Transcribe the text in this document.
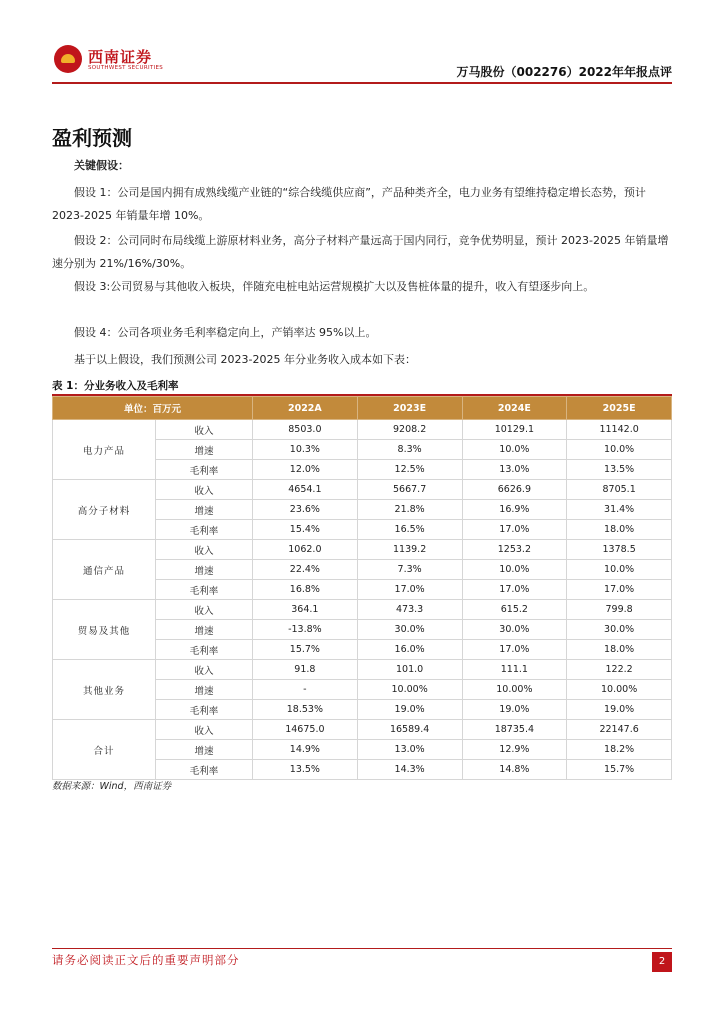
西南证券
SOUTHWEST SECURITIES	万马股份（002276）2022年年报点评
盈利预测
关键假设：
假设 1：公司是国内拥有成熟线缆产业链的“综合线缆供应商”，产品种类齐全，电力业务有望维持稳定增长态势，预计 2023-2025 年销量年增 10%。
假设 2：公司同时布局线缆上游原材料业务，高分子材料产量远高于国内同行，竞争优势明显，预计 2023-2025 年销量增速分别为 21%/16%/30%。
假设 3:公司贸易与其他收入板块，伴随充电桩电站运营规模扩大以及售桩体量的提升，收入有望逐步向上。
假设 4：公司各项业务毛利率稳定向上，产销率达 95%以上。
基于以上假设，我们预测公司 2023-2025 年分业务收入成本如下表：
表 1：分业务收入及毛利率
单位：百万元		2022A	2023E	2024E	2025E
电力产品	收入	8503.0	9208.2	10129.1	11142.0
	增速	10.3%	8.3%	10.0%	10.0%
	毛利率	12.0%	12.5%	13.0%	13.5%
高分子材料	收入	4654.1	5667.7	6626.9	8705.1
	增速	23.6%	21.8%	16.9%	31.4%
	毛利率	15.4%	16.5%	17.0%	18.0%
通信产品	收入	1062.0	1139.2	1253.2	1378.5
	增速	22.4%	7.3%	10.0%	10.0%
	毛利率	16.8%	17.0%	17.0%	17.0%
贸易及其他	收入	364.1	473.3	615.2	799.8
	增速	-13.8%	30.0%	30.0%	30.0%
	毛利率	15.7%	16.0%	17.0%	18.0%
其他业务	收入	91.8	101.0	111.1	122.2
	增速	-	10.00%	10.00%	10.00%
	毛利率	18.53%	19.0%	19.0%	19.0%
合计	收入	14675.0	16589.4	18735.4	22147.6
	增速	14.9%	13.0%	12.9%	18.2%
	毛利率	13.5%	14.3%	14.8%	15.7%
数据来源：Wind，西南证券
请务必阅读正文后的重要声明部分	2
